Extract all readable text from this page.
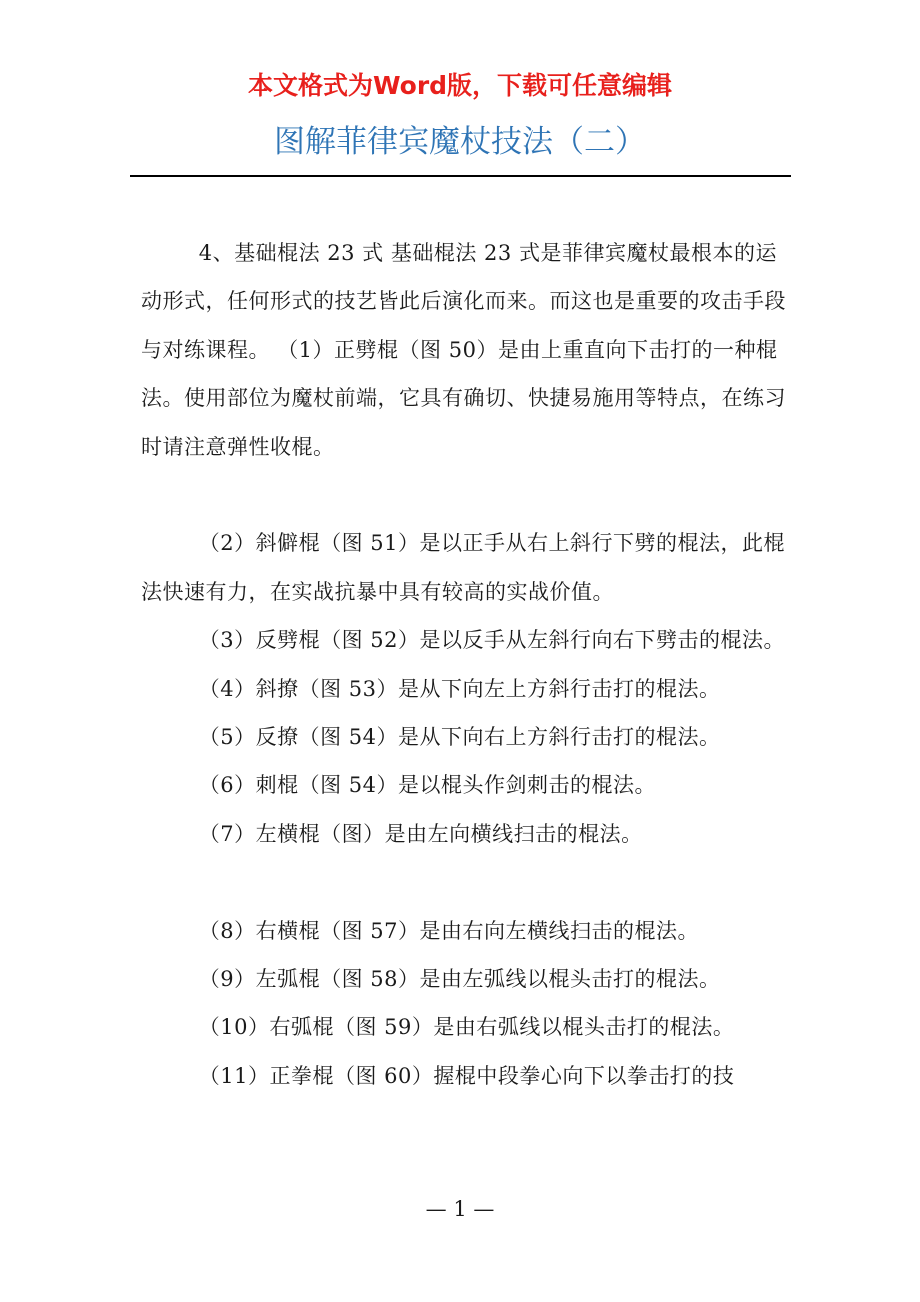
本文格式为Word版，下载可任意编辑
图解菲律宾魔杖技法（二）

4、基础棍法 23 式 基础棍法 23 式是菲律宾魔杖最根本的运动形式，任何形式的技艺皆此后演化而来。而这也是重要的攻击手段与对练课程。 （1）正劈棍（图 50）是由上重直向下击打的一种棍法。使用部位为魔杖前端，它具有确切、快捷易施用等特点，在练习时请注意弹性收棍。

（2）斜僻棍（图 51）是以正手从右上斜行下劈的棍法，此棍法快速有力，在实战抗暴中具有较高的实战价值。

（3）反劈棍（图 52）是以反手从左斜行向右下劈击的棍法。

（4）斜撩（图 53）是从下向左上方斜行击打的棍法。

（5）反撩（图 54）是从下向右上方斜行击打的棍法。

（6）刺棍（图 54）是以棍头作剑刺击的棍法。

（7）左横棍（图）是由左向横线扫击的棍法。

（8）右横棍（图 57）是由右向左横线扫击的棍法。

（9）左弧棍（图 58）是由左弧线以棍头击打的棍法。

（10）右弧棍（图 59）是由右弧线以棍头击打的棍法。

（11）正拳棍（图 60）握棍中段拳心向下以拳击打的技

— 1 —
